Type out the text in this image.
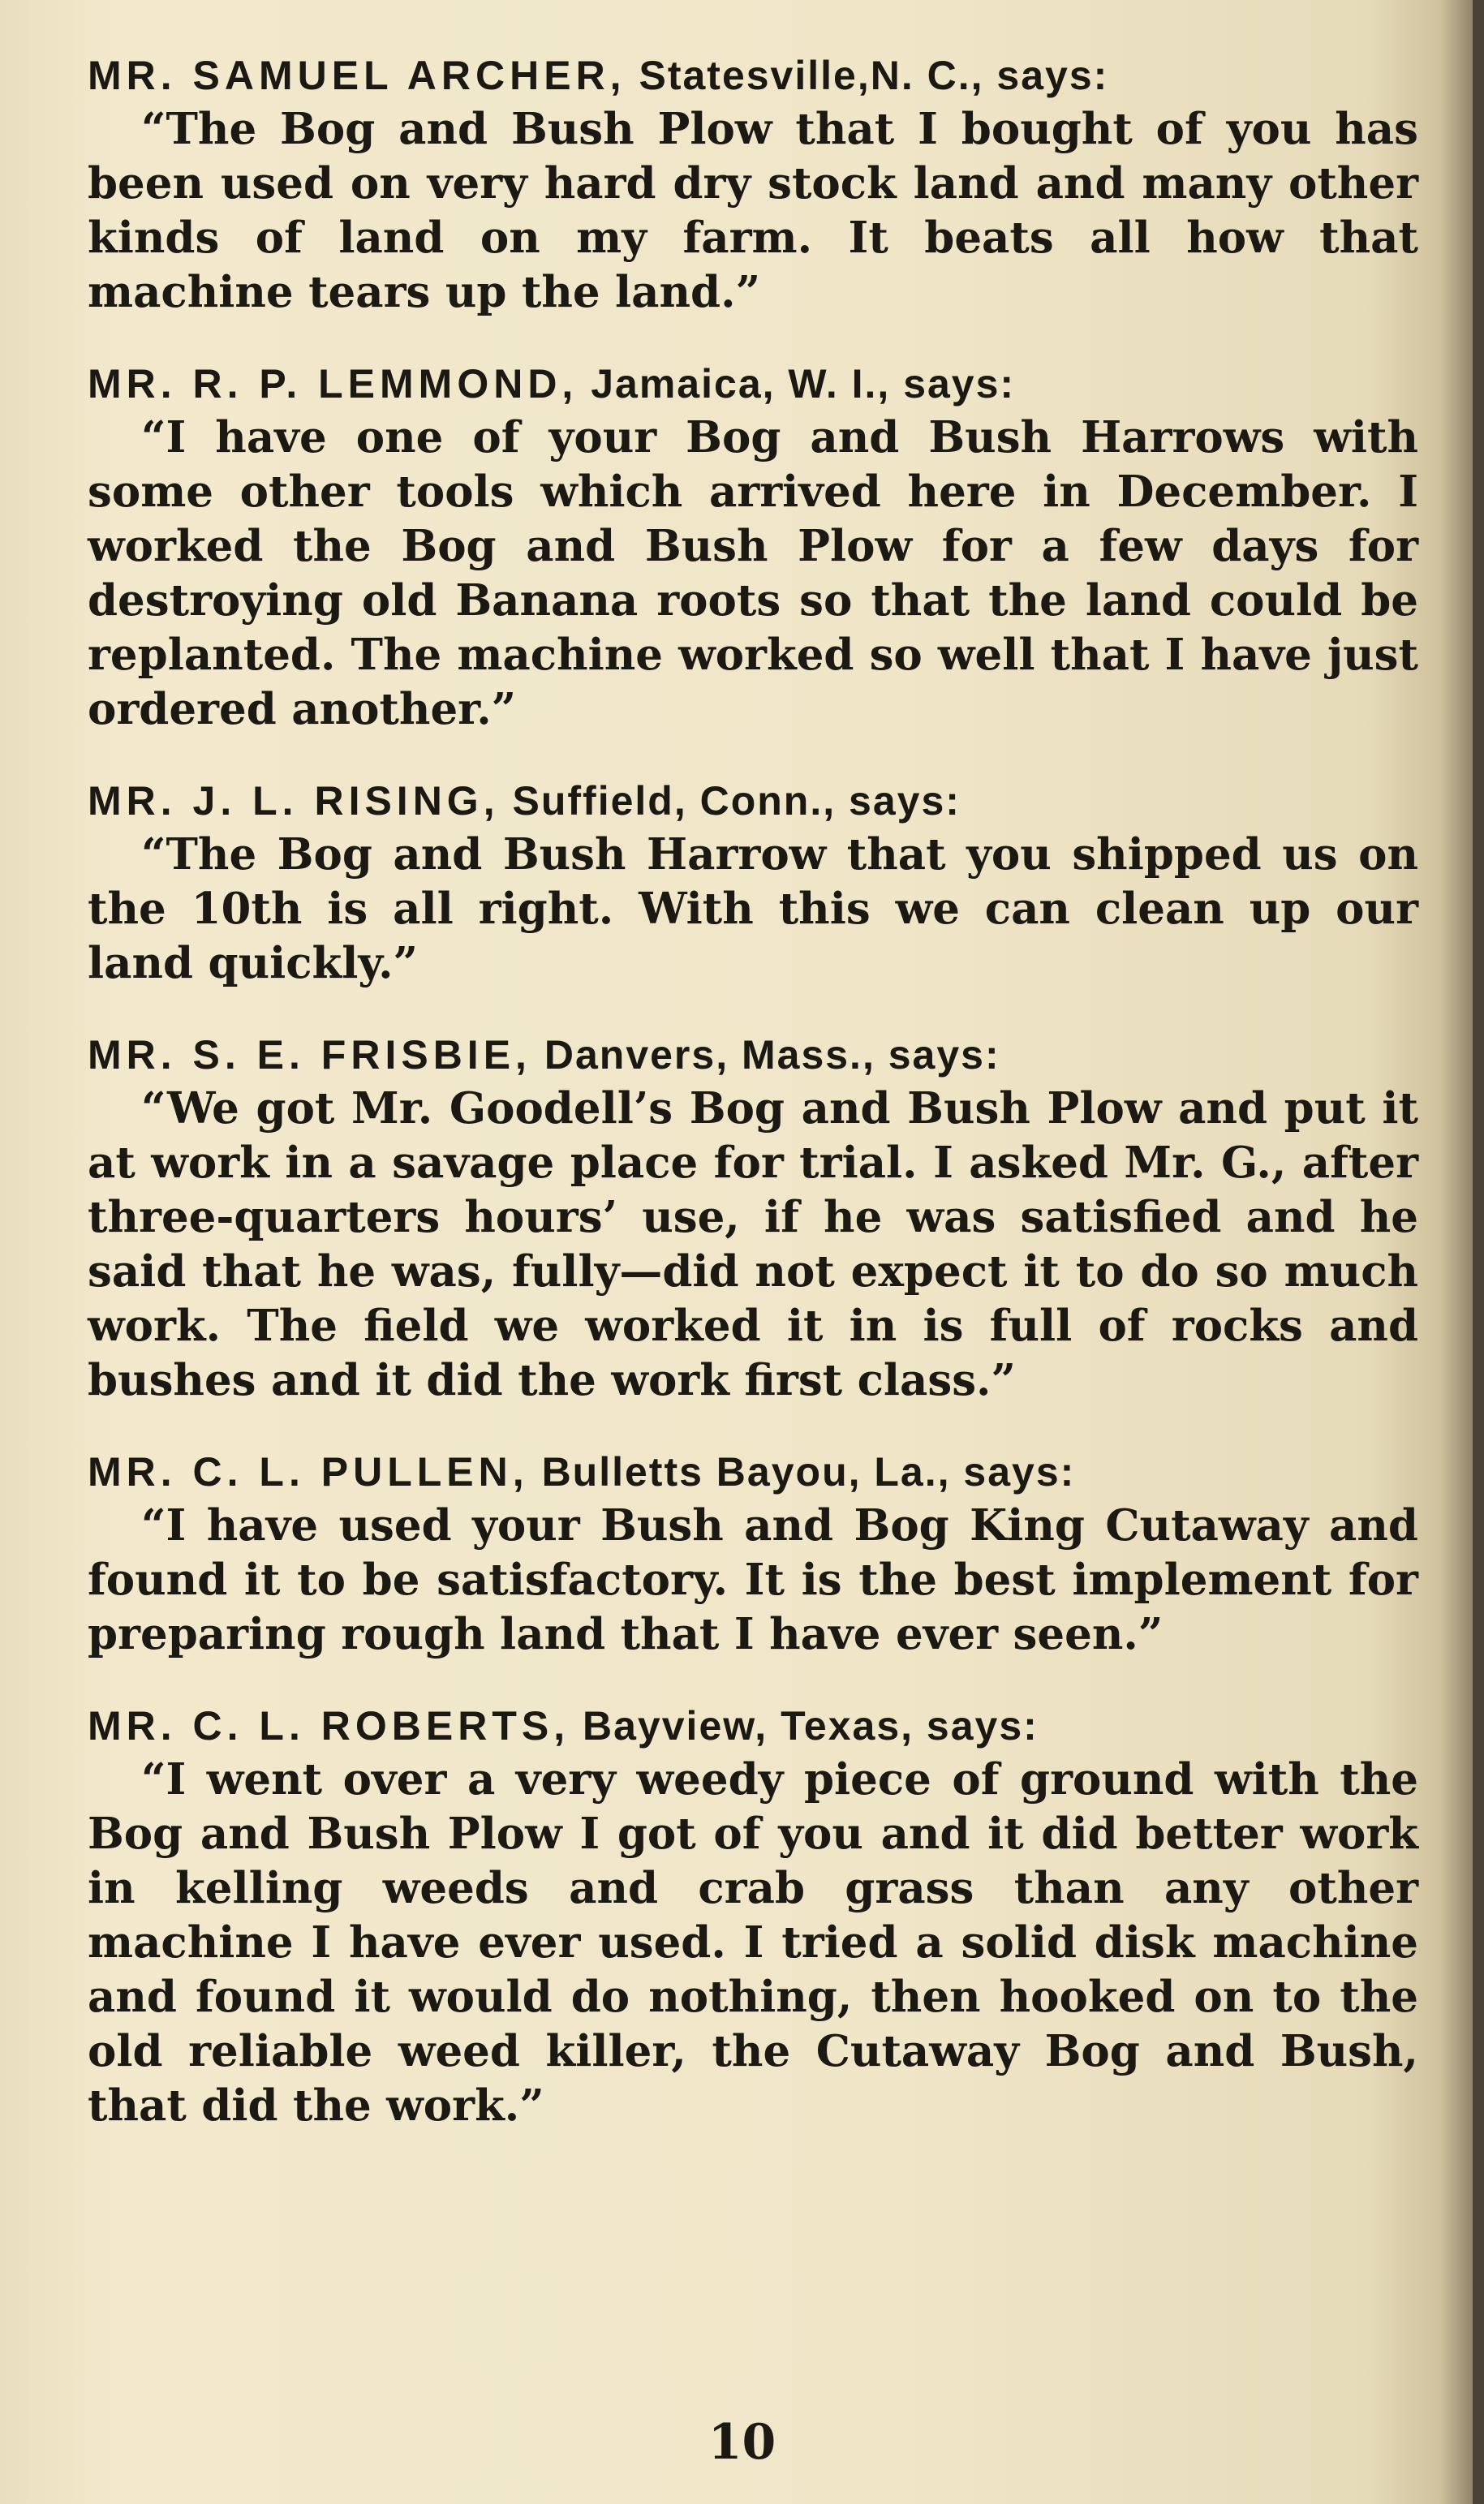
MR. SAMUEL ARCHER, Statesville,N. C., says:

“The Bog and Bush Plow that I bought of you has been used on very hard dry stock land and many other kinds of land on my farm. It beats all how that machine tears up the land.”

MR. R. P. LEMMOND, Jamaica, W. I., says:

“I have one of your Bog and Bush Harrows with some other tools which arrived here in December. I worked the Bog and Bush Plow for a few days for destroying old Banana roots so that the land could be replanted. The machine worked so well that I have just ordered another.”

MR. J. L. RISING, Suffield, Conn., says:

“The Bog and Bush Harrow that you shipped us on the 10th is all right. With this we can clean up our land quickly.”

MR. S. E. FRISBIE, Danvers, Mass., says:

“We got Mr. Goodell’s Bog and Bush Plow and put it at work in a savage place for trial. I asked Mr. G., after three-quarters hours’ use, if he was satisfied and he said that he was, fully—did not expect it to do so much work. The field we worked it in is full of rocks and bushes and it did the work first class.”

MR. C. L. PULLEN, Bulletts Bayou, La., says:

“I have used your Bush and Bog King Cutaway and found it to be satisfactory. It is the best implement for preparing rough land that I have ever seen.”

MR. C. L. ROBERTS, Bayview, Texas, says:

“I went over a very weedy piece of ground with the Bog and Bush Plow I got of you and it did better work in kelling weeds and crab grass than any other machine I have ever used. I tried a solid disk machine and found it would do nothing, then hooked on to the old reliable weed killer, the Cutaway Bog and Bush, that did the work.”

10
